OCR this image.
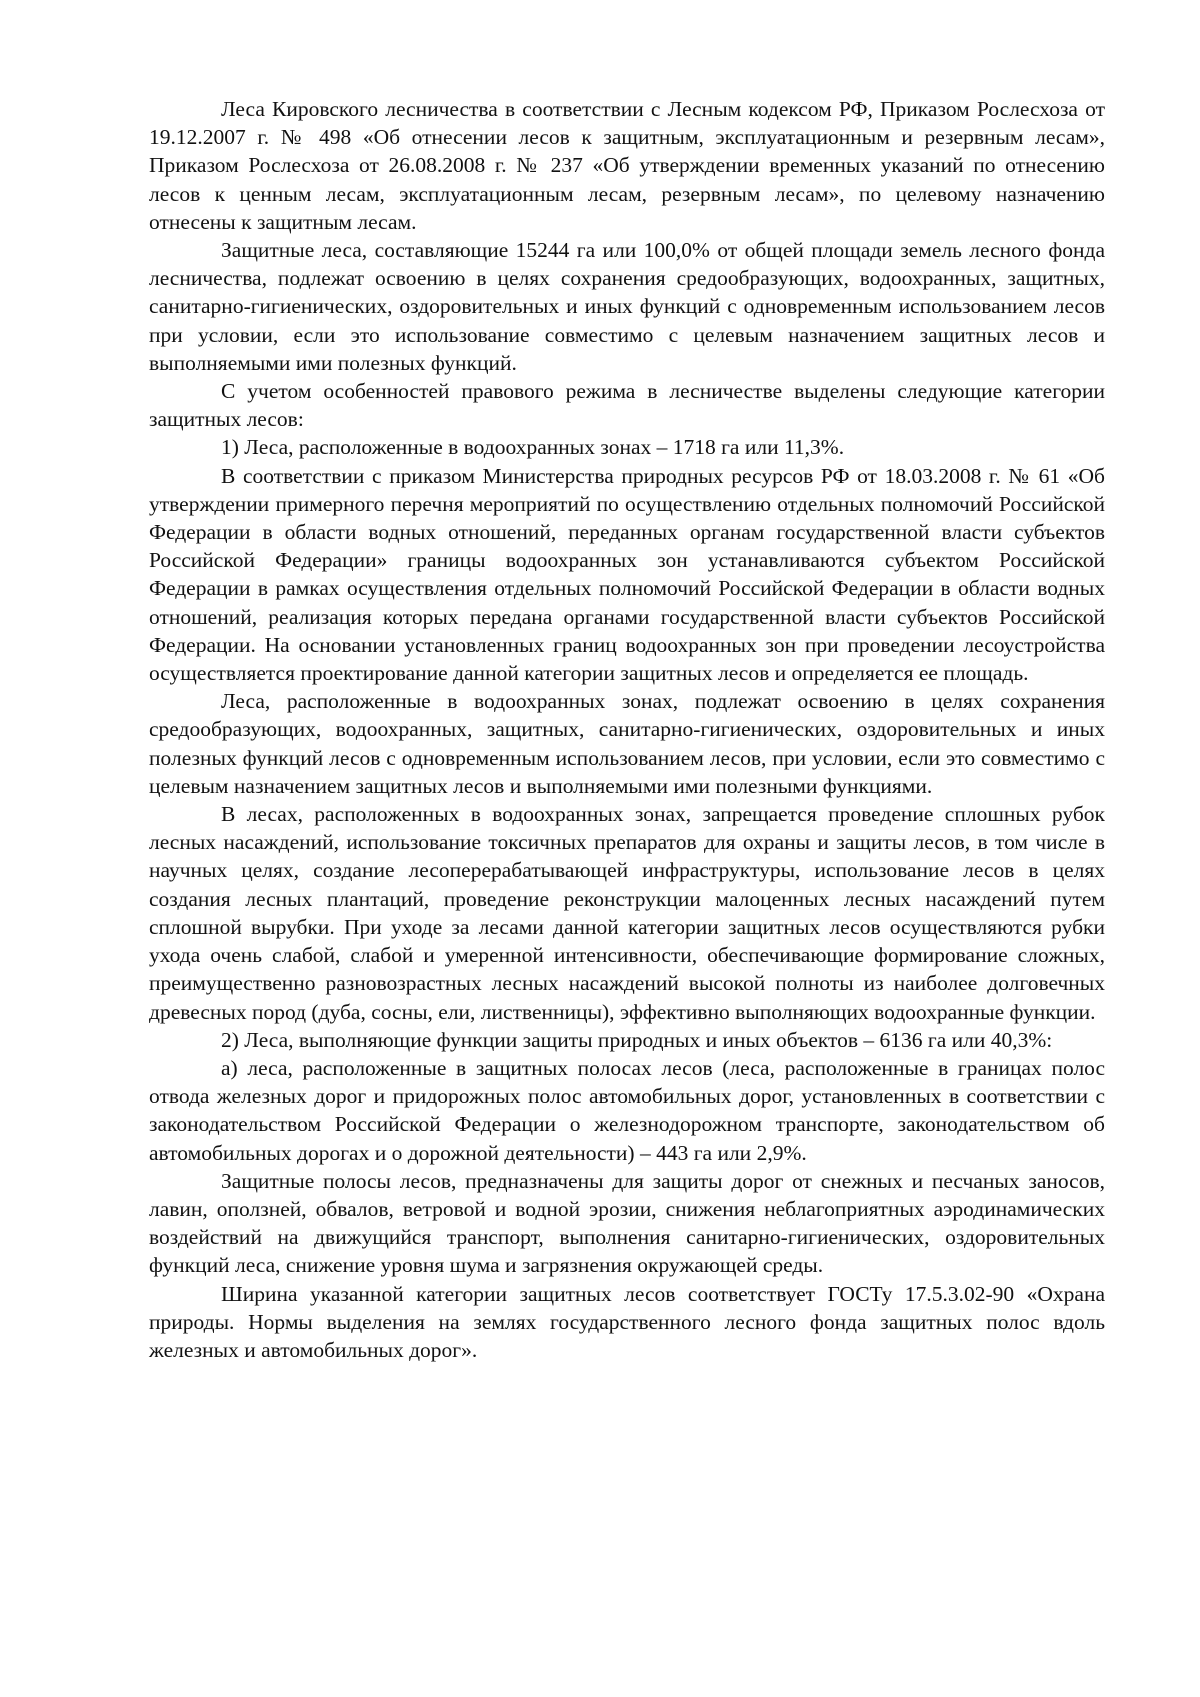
Леса Кировского лесничества в соответствии с Лесным кодексом РФ, Приказом Рослесхоза от 19.12.2007 г. № 498 «Об отнесении лесов к защитным, эксплуатационным и резервным лесам», Приказом Рослесхоза от 26.08.2008 г. № 237 «Об утверждении временных указаний по отнесению лесов к ценным лесам, эксплуатационным лесам, резервным лесам», по целевому назначению отнесены к защитным лесам.

Защитные леса, составляющие 15244 га или 100,0% от общей площади земель лесного фонда лесничества, подлежат освоению в целях сохранения средообразующих, водоохранных, защитных, санитарно-гигиенических, оздоровительных и иных функций с одновременным использованием лесов при условии, если это использование совместимо с целевым назначением защитных лесов и выполняемыми ими полезных функций.

С учетом особенностей правового режима в лесничестве выделены следующие категории защитных лесов:

1) Леса, расположенные в водоохранных зонах – 1718 га или 11,3%.

В соответствии с приказом Министерства природных ресурсов РФ от 18.03.2008 г. № 61 «Об утверждении примерного перечня мероприятий по осуществлению отдельных полномочий Российской Федерации в области водных отношений, переданных органам государственной власти субъектов Российской Федерации» границы водоохранных зон устанавливаются субъектом Российской Федерации в рамках осуществления отдельных полномочий Российской Федерации в области водных отношений, реализация которых передана органами государственной власти субъектов Российской Федерации. На основании установленных границ водоохранных зон при проведении лесоустройства осуществляется проектирование данной категории защитных лесов и определяется ее площадь.

Леса, расположенные в водоохранных зонах, подлежат освоению в целях сохранения средообразующих, водоохранных, защитных, санитарно-гигиенических, оздоровительных и иных полезных функций лесов с одновременным использованием лесов, при условии, если это совместимо с целевым назначением защитных лесов и выполняемыми ими полезными функциями.

В лесах, расположенных в водоохранных зонах, запрещается проведение сплошных рубок лесных насаждений, использование токсичных препаратов для охраны и защиты лесов, в том числе в научных целях, создание лесоперерабатывающей инфраструктуры, использование лесов в целях создания лесных плантаций, проведение реконструкции малоценных лесных насаждений путем сплошной вырубки. При уходе за лесами данной категории защитных лесов осуществляются рубки ухода очень слабой, слабой и умеренной интенсивности, обеспечивающие формирование сложных, преимущественно разновозрастных лесных насаждений высокой полноты из наиболее долговечных древесных пород (дуба, сосны, ели, лиственницы), эффективно выполняющих водоохранные функции.

2) Леса, выполняющие функции защиты природных и иных объектов – 6136 га или 40,3%:

а) леса, расположенные в защитных полосах лесов (леса, расположенные в границах полос отвода железных дорог и придорожных полос автомобильных дорог, установленных в соответствии с законодательством Российской Федерации о железнодорожном транспорте, законодательством об автомобильных дорогах и о дорожной деятельности) – 443 га или 2,9%.

Защитные полосы лесов, предназначены для защиты дорог от снежных и песчаных заносов, лавин, оползней, обвалов, ветровой и водной эрозии, снижения неблагоприятных аэродинамических воздействий на движущийся транспорт, выполнения санитарно-гигиенических, оздоровительных функций леса, снижение уровня шума и загрязнения окружающей среды.

Ширина указанной категории защитных лесов соответствует ГОСТу 17.5.3.02-90 «Охрана природы. Нормы выделения на землях государственного лесного фонда защитных полос вдоль железных и автомобильных дорог».
